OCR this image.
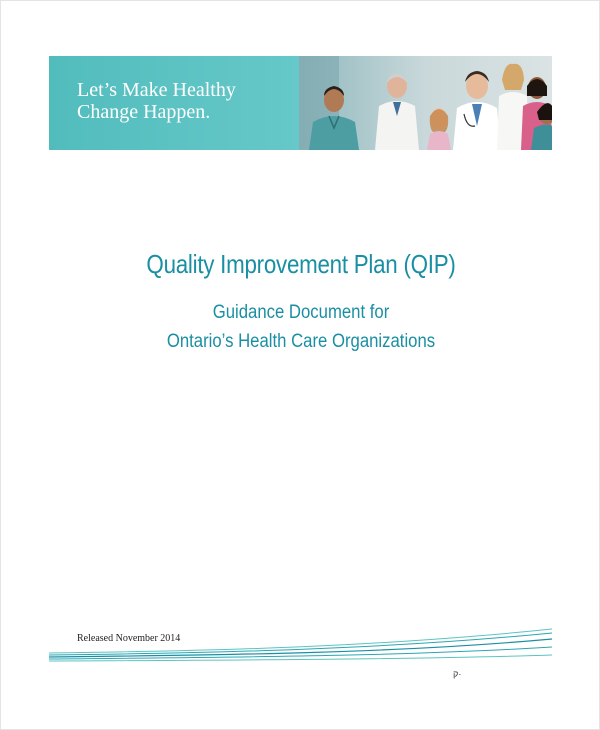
Let’s Make Healthy
Change Happen.
Quality Improvement Plan (QIP)
Guidance Document for
Ontario’s Health Care Organizations
Released November 2014
ק·
